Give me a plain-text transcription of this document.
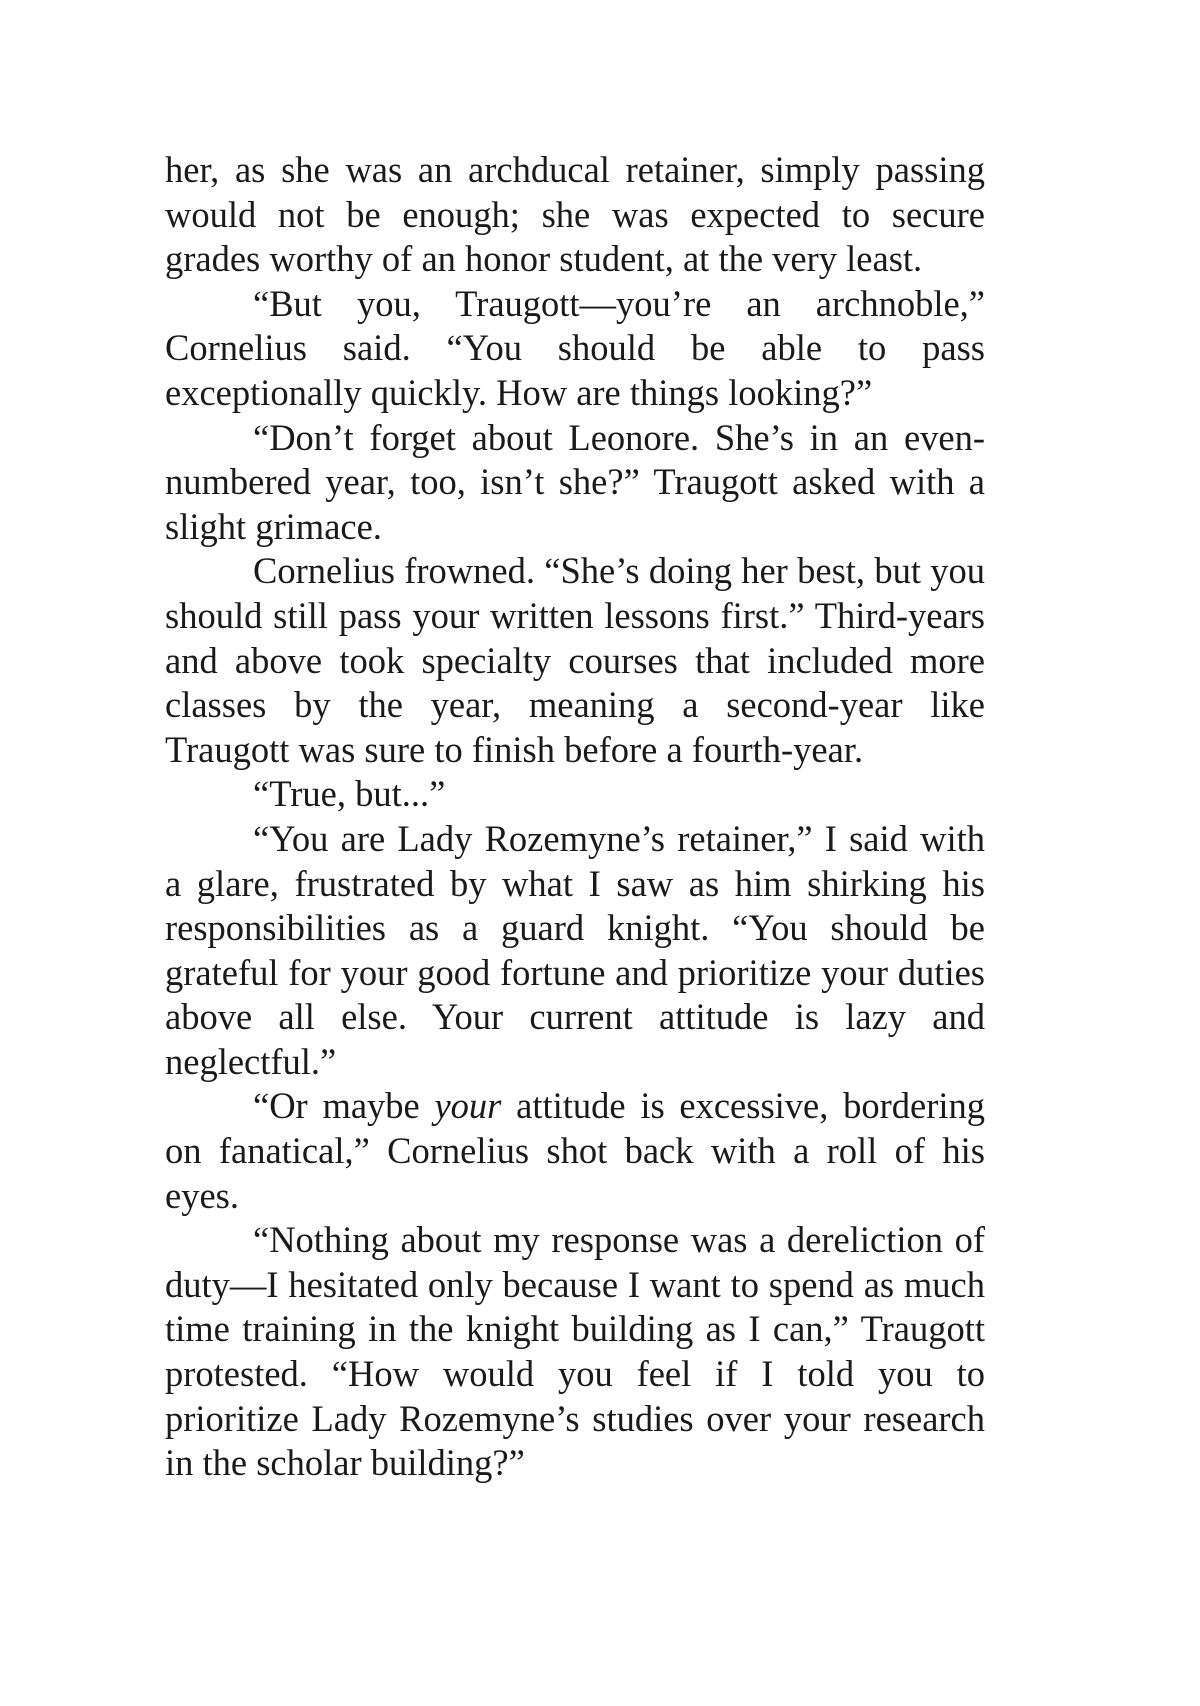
her, as she was an archducal retainer, simply passing would not be enough; she was expected to secure grades worthy of an honor student, at the very least.

“But you, Traugott—you’re an archnoble,” Cornelius said. “You should be able to pass exceptionally quickly. How are things looking?”

“Don’t forget about Leonore. She’s in an even-numbered year, too, isn’t she?” Traugott asked with a slight grimace.

Cornelius frowned. “She’s doing her best, but you should still pass your written lessons first.” Third-years and above took specialty courses that included more classes by the year, meaning a second-year like Traugott was sure to finish before a fourth-year.

“True, but...”

“You are Lady Rozemyne’s retainer,” I said with a glare, frustrated by what I saw as him shirking his responsibilities as a guard knight. “You should be grateful for your good fortune and prioritize your duties above all else. Your current attitude is lazy and neglectful.”

“Or maybe your attitude is excessive, bordering on fanatical,” Cornelius shot back with a roll of his eyes.

“Nothing about my response was a dereliction of duty—I hesitated only because I want to spend as much time training in the knight building as I can,” Traugott protested. “How would you feel if I told you to prioritize Lady Rozemyne’s studies over your research in the scholar building?”
